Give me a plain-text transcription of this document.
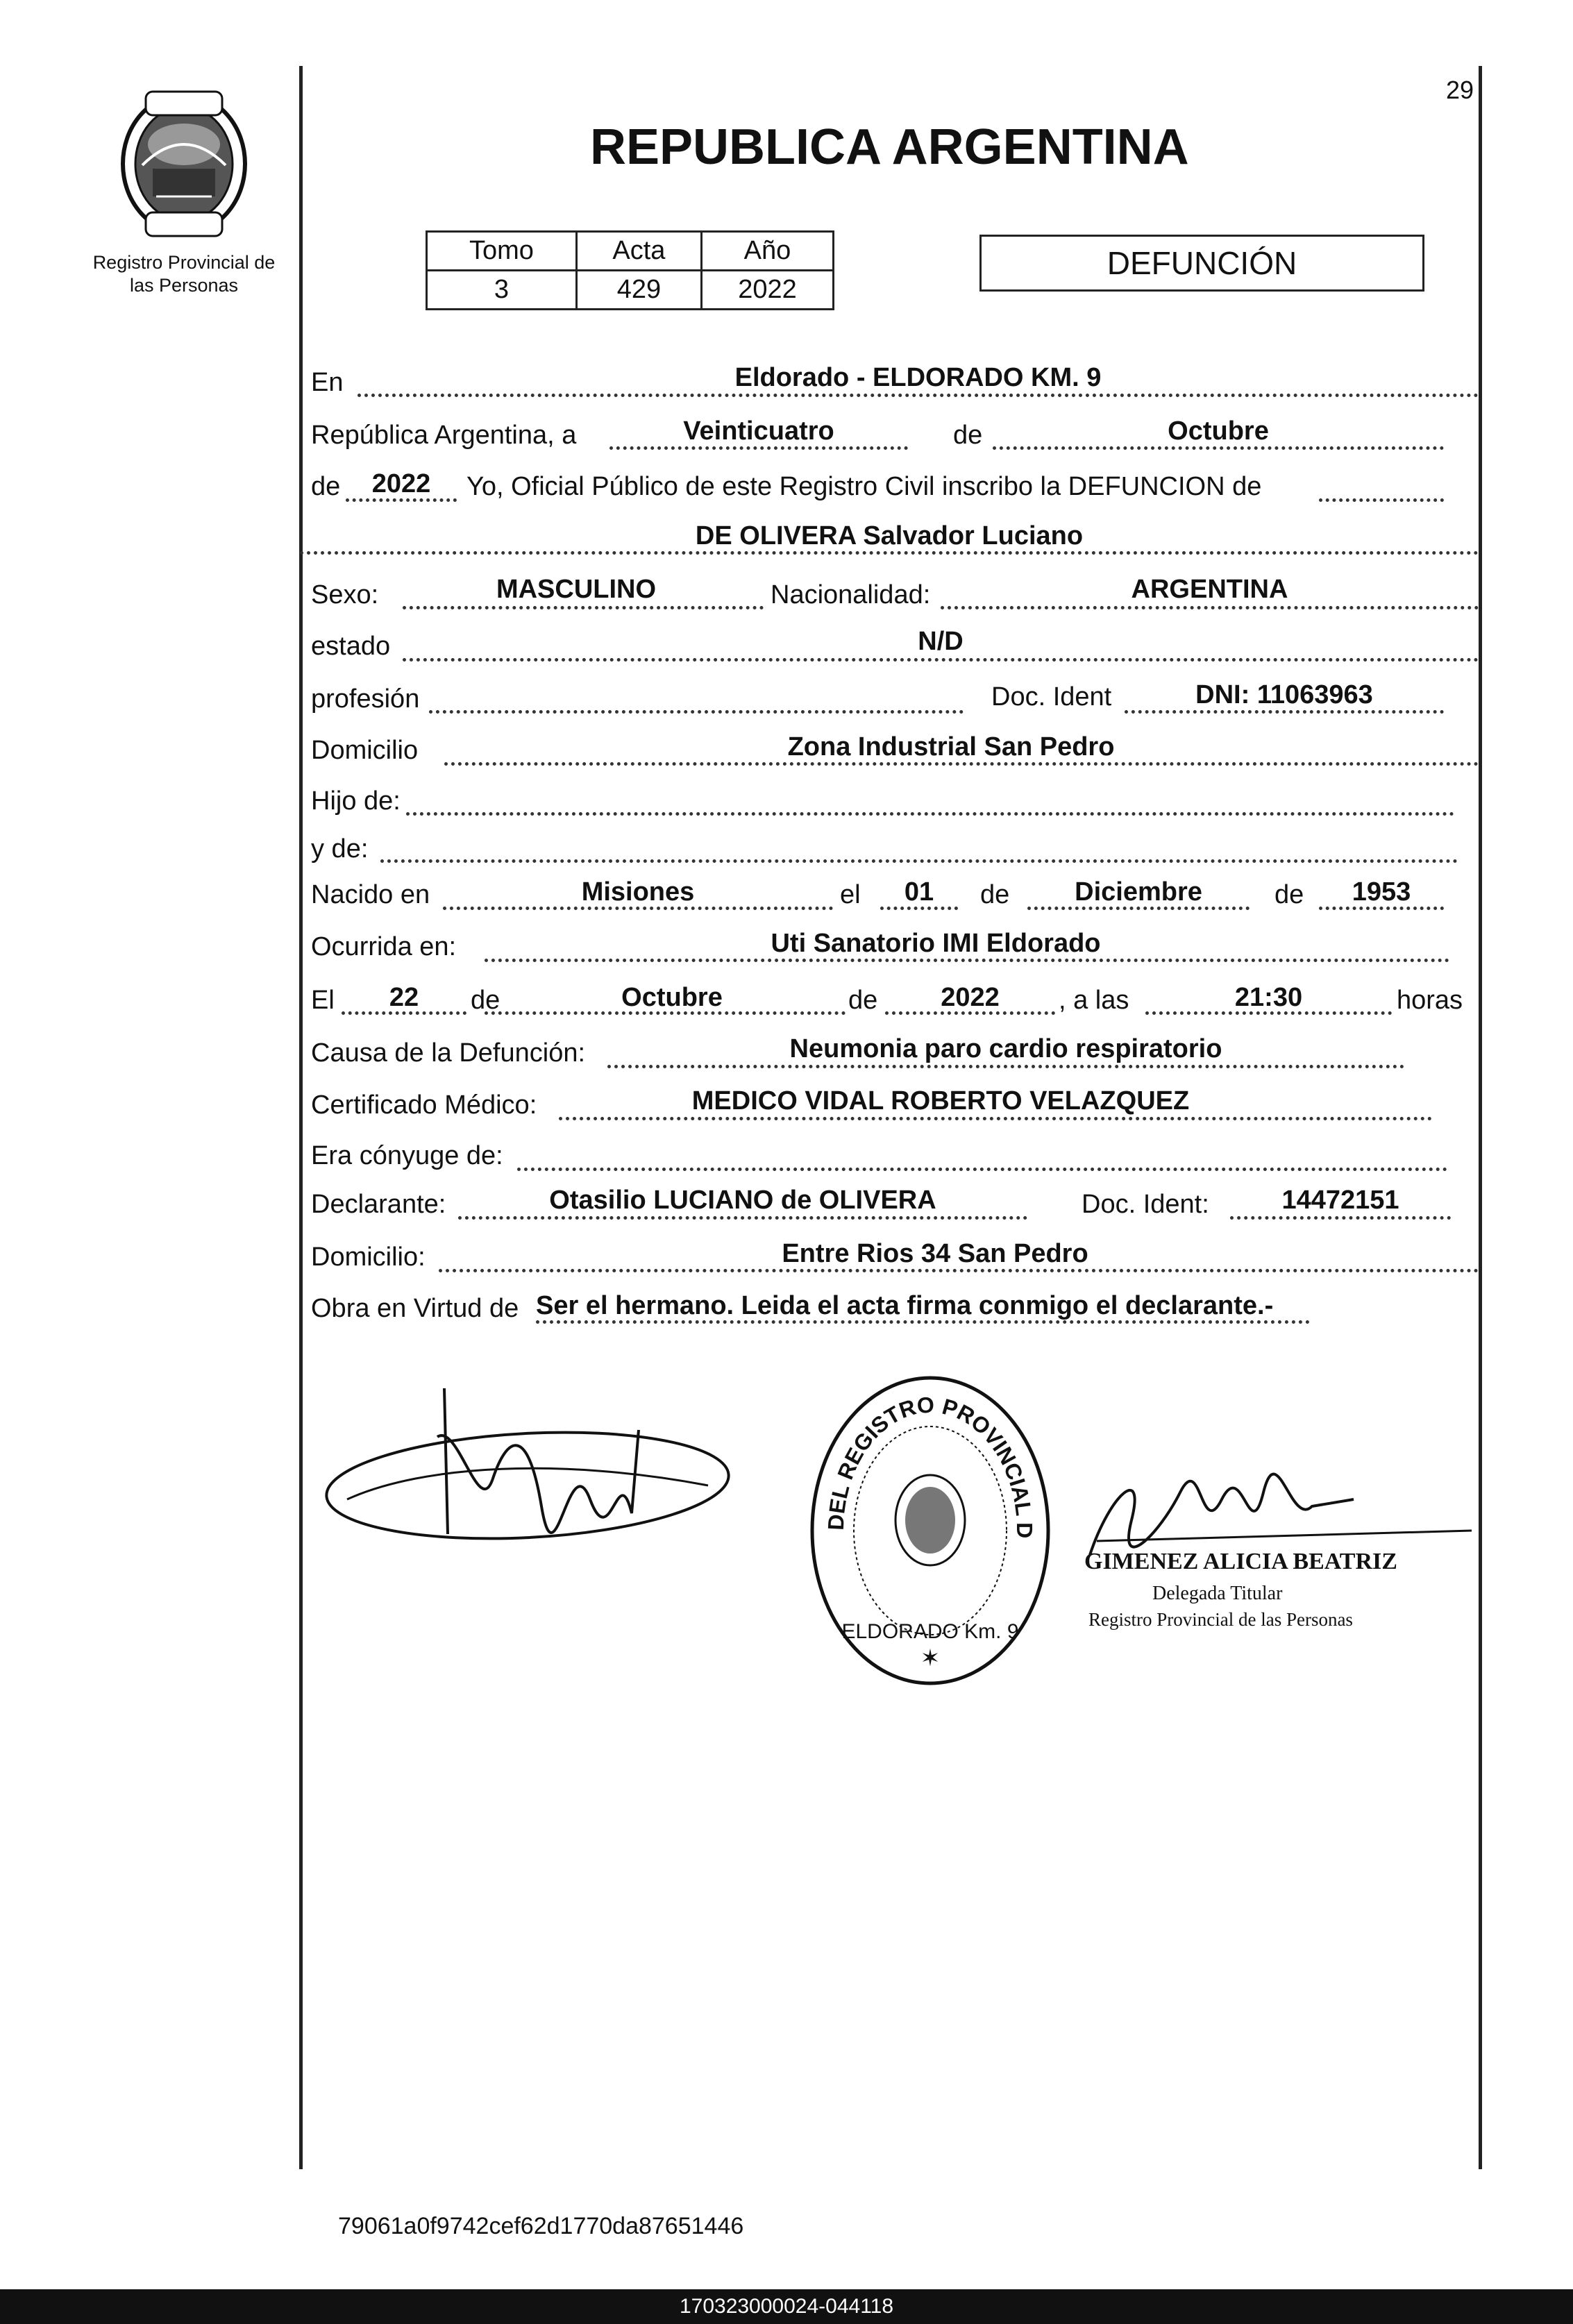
29
Registro Provincial de
las Personas
REPUBLICA ARGENTINA
Tomo	Acta	Año
3	429	2022
DEFUNCIÓN
En	Eldorado - ELDORADO KM. 9
República Argentina, a	Veinticuatro	de	Octubre
de	2022	Yo, Oficial Público de este Registro Civil inscribo la DEFUNCION de
DE OLIVERA Salvador Luciano
Sexo:	MASCULINO	Nacionalidad:	ARGENTINA
estado	N/D
profesión	Doc. Ident	DNI: 11063963
Domicilio	Zona Industrial San Pedro
Hijo de:
y de:
Nacido en	Misiones	el	01	de	Diciembre	de	1953
Ocurrida en:	Uti Sanatorio IMI Eldorado
El	22	de	Octubre	de	2022	, a las	21:30	horas
Causa de la Defunción:	Neumonia paro cardio respiratorio
Certificado Médico:	MEDICO VIDAL ROBERTO VELAZQUEZ
Era cónyuge de:
Declarante:	Otasilio LUCIANO de OLIVERA	Doc. Ident:	14472151
Domicilio:	Entre Rios 34 San Pedro
Obra en Virtud de Ser el hermano. Leida el acta firma conmigo el declarante.-
DEL REGISTRO PROVINCIAL D
ELDORADO Km. 9
✶
GIMENEZ ALICIA BEATRIZ
Delegada Titular
Registro Provincial de las Personas
79061a0f9742cef62d1770da87651446
170323000024-044118
